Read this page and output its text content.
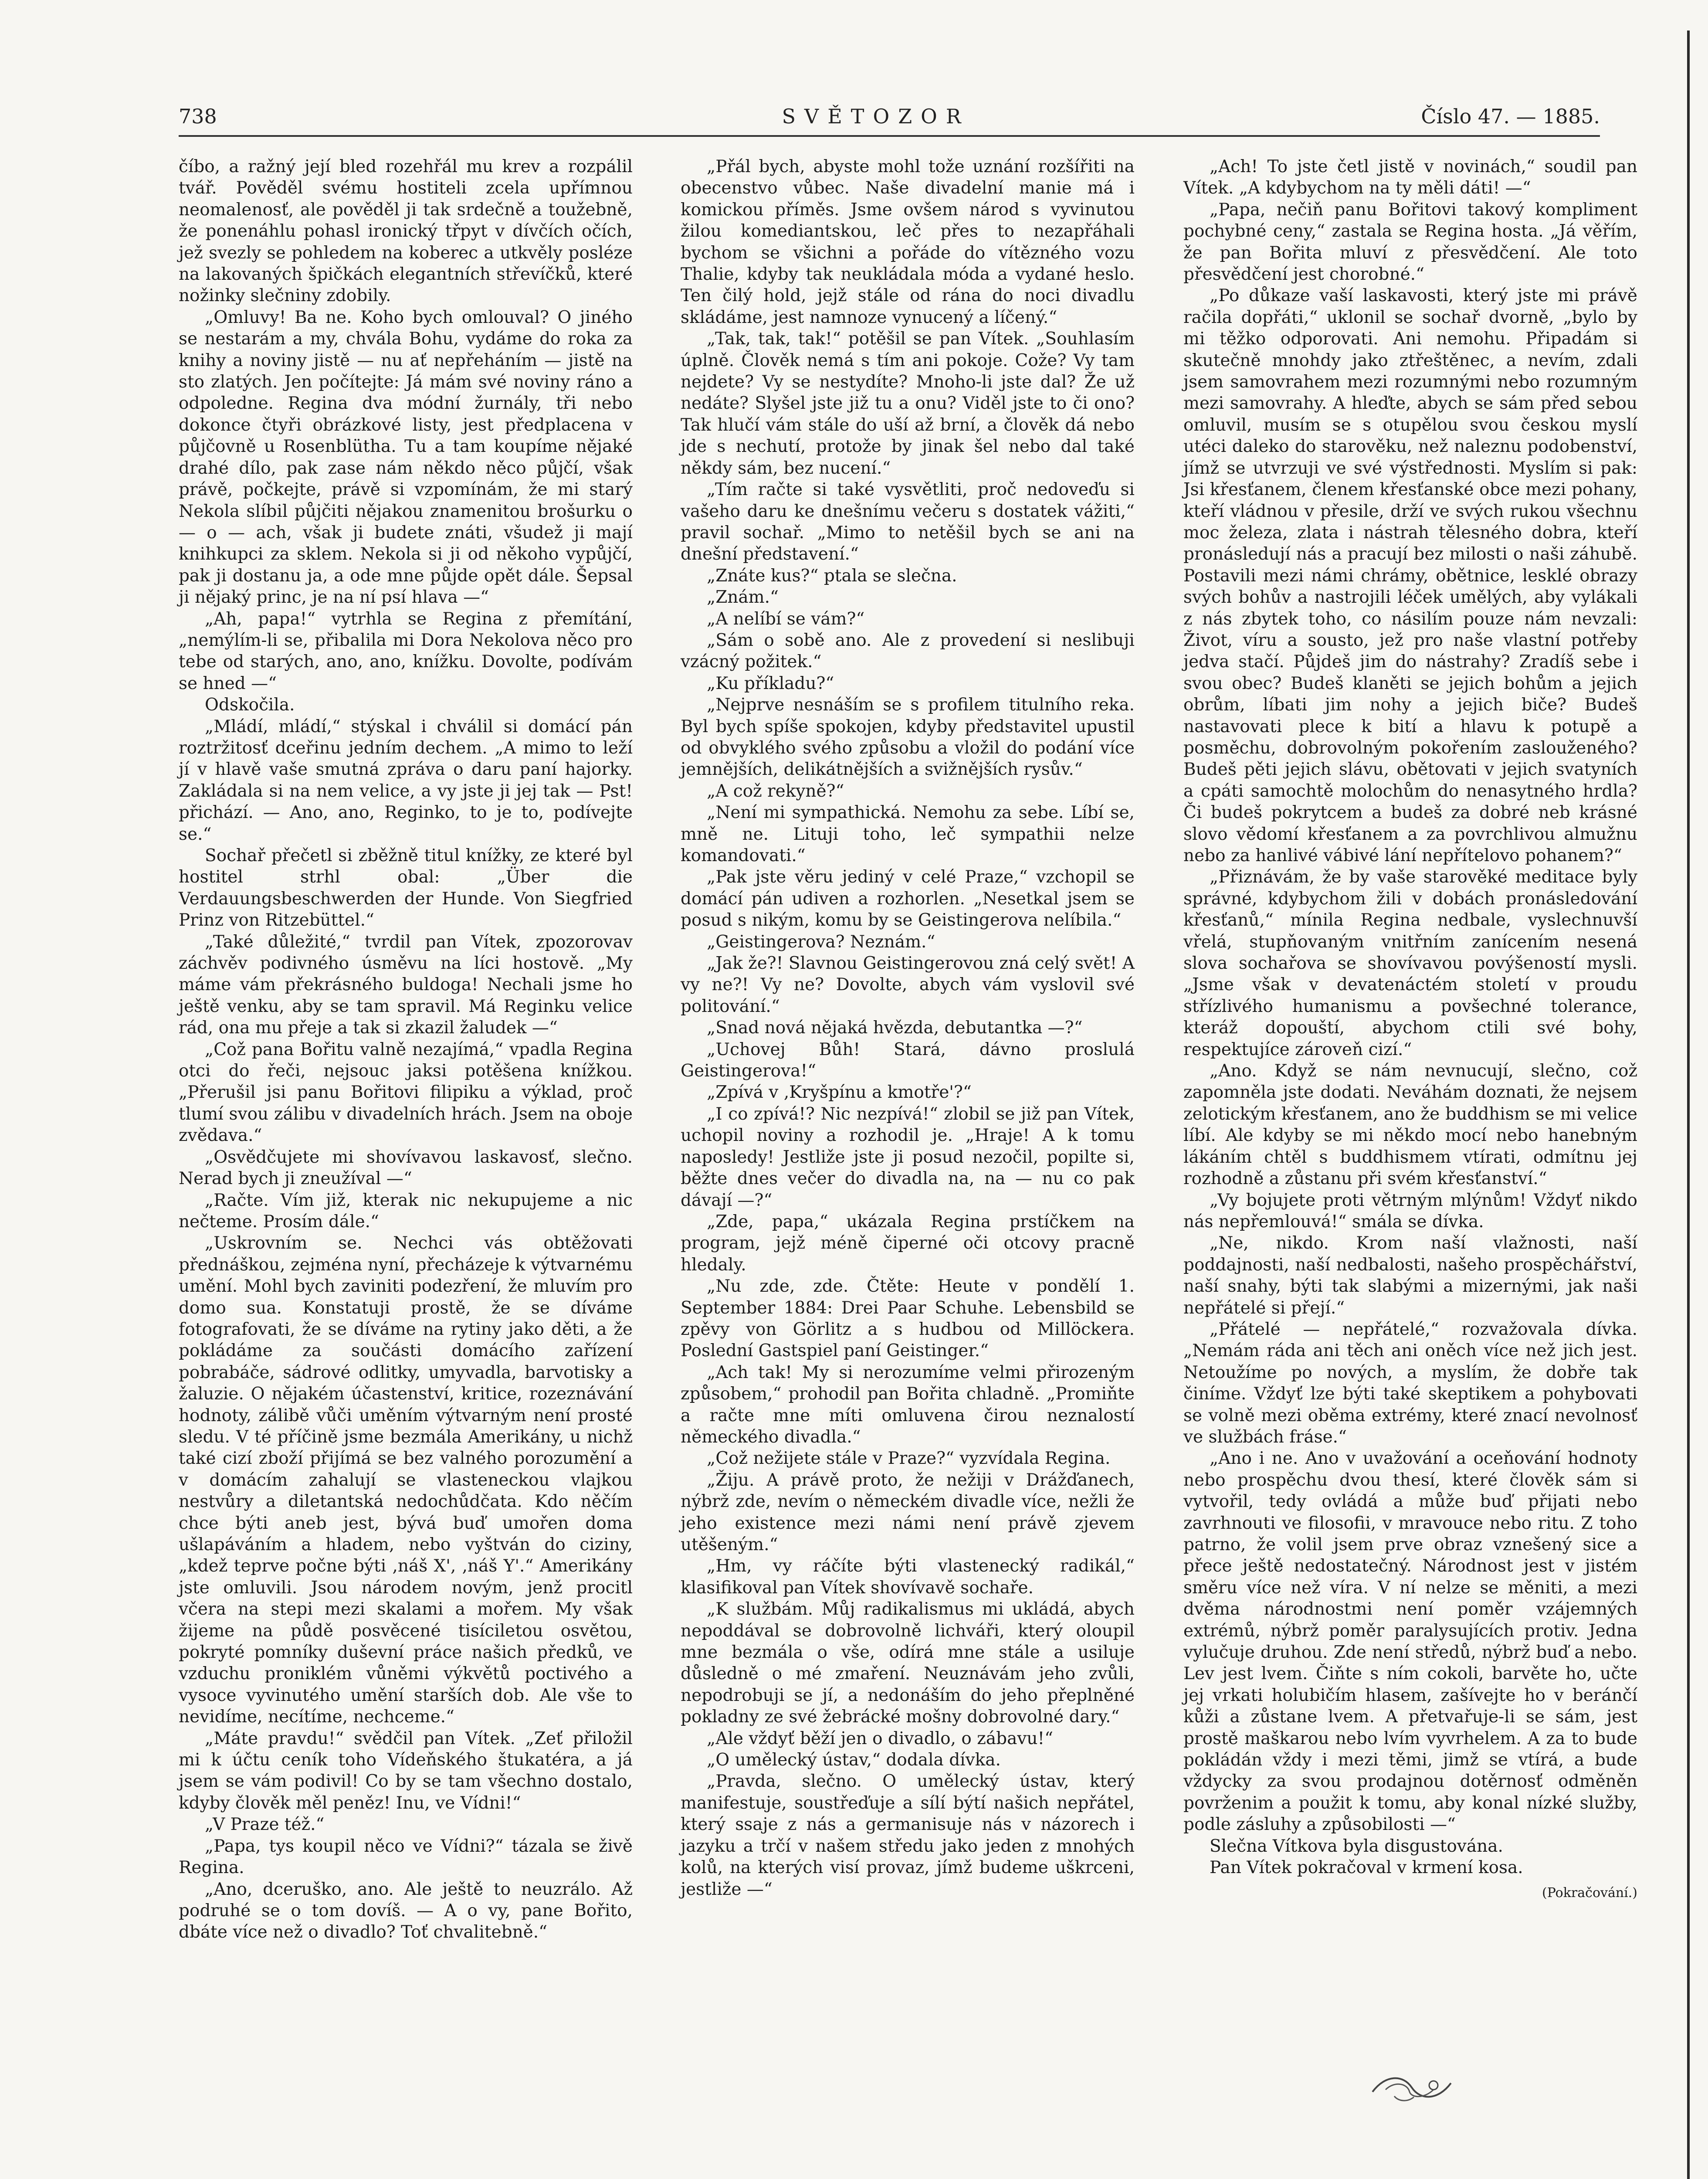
738	SVĚTOZOR	Číslo 47. — 1885.

číbo, a ražný její bled rozehřál mu krev a rozpálil tvář. Pověděl svému hostiteli zcela upřímnou neomalenosť, ale pověděl ji tak srdečně a toužebně, že ponenáhlu pohasl ironický třpyt v dívčích očích, jež svezly se pohledem na koberec a utkvěly posléze na lakovaných špičkách elegantních střevíčků, které nožinky slečniny zdobily.

„Omluvy! Ba ne. Koho bych omlouval? O jiného se nestarám a my, chvála Bohu, vydáme do roka za knihy a noviny jistě — nu ať nepřeháním — jistě na sto zlatých. Jen počítejte: Já mám své noviny ráno a odpoledne. Regina dva módní žurnály, tři nebo dokonce čtyři obrázkové listy, jest předplacena v půjčovně u Rosenblütha. Tu a tam koupíme nějaké drahé dílo, pak zase nám někdo něco půjčí, však právě, počkejte, právě si vzpomínám, že mi starý Nekola slíbil půjčiti nějakou znamenitou brošurku o — o — ach, však ji budete znáti, všudež ji mají knihkupci za sklem. Nekola si ji od někoho vypůjčí, pak ji dostanu ja, a ode mne půjde opět dále. Šepsal ji nějaký princ, je na ní psí hlava —“

„Ah, papa!“ vytrhla se Regina z přemítání, „nemýlím-li se, přibalila mi Dora Nekolova něco pro tebe od starých, ano, ano, knížku. Dovolte, podívám se hned —“

Odskočila.

„Mládí, mládí,“ stýskal i chválil si domácí pán roztržitosť dceřinu jedním dechem. „A mimo to leží jí v hlavě vaše smutná zpráva o daru paní hajorky. Zakládala si na nem velice, a vy jste ji jej tak — Pst! přichází. — Ano, ano, Reginko, to je to, podívejte se.“

Sochař přečetl si zběžně titul knížky, ze které byl hostitel strhl obal: „Über die Verdauungsbeschwerden der Hunde. Von Siegfried Prinz von Ritzebüttel.“

„Také důležité,“ tvrdil pan Vítek, zpozorovav záchvěv podivného úsměvu na líci hostově. „My máme vám překrásného buldoga! Nechali jsme ho ještě venku, aby se tam spravil. Má Reginku velice rád, ona mu přeje a tak si zkazil žaludek —“

„Což pana Bořitu valně nezajímá,“ vpadla Regina otci do řeči, nejsouc jaksi potěšena knížkou. „Přerušil jsi panu Bořitovi filipiku a výklad, proč tlumí svou zálibu v divadelních hrách. Jsem na oboje zvědava.“

„Osvědčujete mi shovívavou laskavosť, slečno. Nerad bych ji zneužíval —“

„Račte. Vím již, kterak nic nekupujeme a nic nečteme. Prosím dále.“

„Uskrovním se. Nechci vás obtěžovati přednáškou, zejména nyní, přecházeje k výtvarnému umění. Mohl bych zaviniti podezření, že mluvím pro domo sua. Konstatuji prostě, že se díváme fotografovati, že se díváme na rytiny jako děti, a že pokládáme za součásti domácího zařízení pobrabáče, sádrové odlitky, umyvadla, barvotisky a žaluzie. O nějakém účastenství, kritice, rozeznávání hodnoty, zálibě vůči uměním výtvarným není prosté sledu. V té příčině jsme bezmála Amerikány, u nichž také cizí zboží přijímá se bez valného porozumění a v domácím zahalují se vlasteneckou vlajkou nestvůry a diletantská nedochůdčata. Kdo něčím chce býti aneb jest, bývá buď umořen doma ušlapáváním a hladem, nebo vyštván do ciziny, „kdež teprve počne býti ,náš X', ,náš Y'.“ Amerikány jste omluvili. Jsou národem novým, jenž procitl včera na stepi mezi skalami a mořem. My však žijeme na půdě posvěcené tisíciletou osvětou, pokryté pomníky duševní práce našich předků, ve vzduchu proniklém vůněmi výkvětů poctivého a vysoce vyvinutého umění starších dob. Ale vše to nevidíme, necítíme, nechceme.“

„Máte pravdu!“ svědčil pan Vítek. „Zeť přiložil mi k účtu ceník toho Vídeňského štukatéra, a já jsem se vám podivil! Co by se tam všechno dostalo, kdyby člověk měl peněz! Inu, ve Vídni!“

„V Praze též.“

„Papa, tys koupil něco ve Vídni?“ tázala se živě Regina.

„Ano, dceruško, ano. Ale ještě to neuzrálo. Až podruhé se o tom dovíš. — A o vy, pane Bořito, dbáte více než o divadlo? Toť chvalitebně.“

„Přál bych, abyste mohl tože uznání rozšířiti na obecenstvo vůbec. Naše divadelní manie má i komickou příměs. Jsme ovšem národ s vyvinutou žilou komediantskou, leč přes to nezapřáhali bychom se všichni a pořáde do vítězného vozu Thalie, kdyby tak neukládala móda a vydané heslo. Ten čilý hold, jejž stále od rána do noci divadlu skládáme, jest namnoze vynucený a líčený.“

„Tak, tak, tak!“ potěšil se pan Vítek. „Souhlasím úplně. Člověk nemá s tím ani pokoje. Cože? Vy tam nejdete? Vy se nestydíte? Mnoho-li jste dal? Že už nedáte? Slyšel jste již tu a onu? Viděl jste to či ono? Tak hlučí vám stále do uší až brní, a člověk dá nebo jde s nechutí, protože by jinak šel nebo dal také někdy sám, bez nucení.“

„Tím račte si také vysvětliti, proč nedoveďu si vašeho daru ke dnešnímu večeru s dostatek vážiti,“ pravil sochař. „Mimo to netěšil bych se ani na dnešní představení.“

„Znáte kus?“ ptala se slečna.

„Znám.“

„A nelíbí se vám?“

„Sám o sobě ano. Ale z provedení si neslibuji vzácný požitek.“

„Ku příkladu?“

„Nejprve nesnáším se s profilem titulního reka. Byl bych spíše spokojen, kdyby představitel upustil od obvyklého svého způsobu a vložil do podání více jemnějších, delikátnějších a svižnějších rysův.“

„A což rekyně?“

„Není mi sympathická. Nemohu za sebe. Líbí se, mně ne. Lituji toho, leč sympathii nelze komandovati.“

„Pak jste věru jediný v celé Praze,“ vzchopil se domácí pán udiven a rozhorlen. „Nesetkal jsem se posud s nikým, komu by se Geistingerova nelíbila.“

„Geistingerova? Neznám.“

„Jak že?! Slavnou Geistingerovou zná celý svět! A vy ne?! Vy ne? Dovolte, abych vám vyslovil své politování.“

„Snad nová nějaká hvězda, debutantka —?“

„Uchovej Bůh! Stará, dávno proslulá Geistingerova!“

„Zpívá v ,Kryšpínu a kmotře'?“

„I co zpívá!? Nic nezpívá!“ zlobil se již pan Vítek, uchopil noviny a rozhodil je. „Hraje! A k tomu naposledy! Jestliže jste ji posud nezočil, popilte si, běžte dnes večer do divadla na, na — nu co pak dávají —?“

„Zde, papa,“ ukázala Regina prstíčkem na program, jejž méně čiperné oči otcovy pracně hledaly.

„Nu zde, zde. Čtěte: Heute v pondělí 1. September 1884: Drei Paar Schuhe. Lebensbild se zpěvy von Görlitz a s hudbou od Millöckera. Poslední Gastspiel paní Geistinger.“

„Ach tak! My si nerozumíme velmi přirozeným způsobem,“ prohodil pan Bořita chladně. „Promiňte a račte mne míti omluvena čirou neznalostí německého divadla.“

„Což nežijete stále v Praze?“ vyzvídala Regina.

„Žiju. A právě proto, že nežiji v Drážďanech, nýbrž zde, nevím o německém divadle více, nežli že jeho existence mezi námi není právě zjevem utěšeným.“

„Hm, vy ráčíte býti vlastenecký radikál,“ klasifikoval pan Vítek shovívavě sochaře.

„K službám. Můj radikalismus mi ukládá, abych nepoddával se dobrovolně lichváři, který oloupil mne bezmála o vše, odírá mne stále a usiluje důsledně o mé zmaření. Neuznávám jeho zvůli, nepodrobuji se jí, a nedonáším do jeho přeplněné pokladny ze své žebrácké mošny dobrovolné dary.“

„Ale vždyť běží jen o divadlo, o zábavu!“

„O umělecký ústav,“ dodala dívka.

„Pravda, slečno. O umělecký ústav, který manifestuje, soustřeďuje a sílí býtí našich nepřátel, který ssaje z nás a germanisuje nás v názorech i jazyku a trčí v našem středu jako jeden z mnohých kolů, na kterých visí provaz, jímž budeme uškrceni, jestliže —“

„Ach! To jste četl jistě v novinách,“ soudil pan Vítek. „A kdybychom na ty měli dáti! —“

„Papa, nečiň panu Bořitovi takový kompliment pochybné ceny,“ zastala se Regina hosta. „Já věřím, že pan Bořita mluví z přesvědčení. Ale toto přesvědčení jest chorobné.“

„Po důkaze vaší laskavosti, který jste mi právě račila dopřáti,“ uklonil se sochař dvorně, „bylo by mi těžko odporovati. Ani nemohu. Připadám si skutečně mnohdy jako ztřeštěnec, a nevím, zdali jsem samovrahem mezi rozumnými nebo rozumným mezi samovrahy. A hleďte, abych se sám před sebou omluvil, musím se s otupělou svou českou myslí utéci daleko do starověku, než naleznu podobenství, jímž se utvrzuji ve své výstřednosti. Myslím si pak: Jsi křesťanem, členem křesťanské obce mezi pohany, kteří vládnou v přesile, drží ve svých rukou všechnu moc železa, zlata i nástrah tělesného dobra, kteří pronásledují nás a pracují bez milosti o naši záhubě. Postavili mezi námi chrámy, obětnice, lesklé obrazy svých bohův a nastrojili léček umělých, aby vylákali z nás zbytek toho, co násilím pouze nám nevzali: Život, víru a sousto, jež pro naše vlastní potřeby jedva stačí. Půjdeš jim do nástrahy? Zradíš sebe i svou obec? Budeš klaněti se jejich bohům a jejich obrům, líbati jim nohy a jejich biče? Budeš nastavovati plece k bití a hlavu k potupě a posměchu, dobrovolným pokořením zaslouženého? Budeš pěti jejich slávu, obětovati v jejich svatyních a cpáti samochtě molochům do nenasytného hrdla? Či budeš pokrytcem a budeš za dobré neb krásné slovo vědomí křesťanem a za povrchlivou almužnu nebo za hanlivé vábivé lání nepřítelovo pohanem?“

„Přiznávám, že by vaše starověké meditace byly správné, kdybychom žili v dobách pronásledování křesťanů,“ mínila Regina nedbale, vyslechnuvší vřelá, stupňovaným vnitřním zanícením nesená slova sochařova se shovívavou povýšeností mysli. „Jsme však v devatenáctém století v proudu střízlivého humanismu a povšechné tolerance, kteráž dopouští, abychom ctili své bohy, respektujíce zároveň cizí.“

„Ano. Když se nám nevnucují, slečno, což zapomněla jste dodati. Neváhám doznati, že nejsem zelotickým křesťanem, ano že buddhism se mi velice líbí. Ale kdyby se mi někdo mocí nebo hanebným lákáním chtěl s buddhismem vtírati, odmítnu jej rozhodně a zůstanu při svém křesťanství.“

„Vy bojujete proti větrným mlýnům! Vždyť nikdo nás nepřemlouvá!“ smála se dívka.

„Ne, nikdo. Krom naší vlažnosti, naší poddajnosti, naší nedbalosti, našeho prospěchářství, naší snahy, býti tak slabými a mizernými, jak naši nepřátelé si přejí.“

„Přátelé — nepřátelé,“ rozvažovala dívka. „Nemám ráda ani těch ani oněch více než jich jest. Netoužíme po nových, a myslím, že dobře tak činíme. Vždyť lze býti také skeptikem a pohybovati se volně mezi oběma extrémy, které znací nevolnosť ve službách fráse.“

„Ano i ne. Ano v uvažování a oceňování hodnoty nebo prospěchu dvou thesí, které člověk sám si vytvořil, tedy ovládá a může buď přijati nebo zavrhnouti ve filosofii, v mravouce nebo ritu. Z toho patrno, že volil jsem prve obraz vznešený sice a přece ještě nedostatečný. Národnost jest v jistém směru více než víra. V ní nelze se měniti, a mezi dvěma národnostmi není poměr vzájemných extrémů, nýbrž poměr paralysujících protiv. Jedna vylučuje druhou. Zde není středů, nýbrž buď a nebo. Lev jest lvem. Čiňte s ním cokoli, barvěte ho, učte jej vrkati holubičím hlasem, zašívejte ho v beránčí kůži a zůstane lvem. A přetvařuje-li se sám, jest prostě maškarou nebo lvím vyvrhelem. A za to bude pokládán vždy i mezi těmi, jimž se vtírá, a bude vždycky za svou prodajnou dotěrnosť odměněn povrženim a použit k tomu, aby konal nízké služby, podle zásluhy a způsobilosti —“

Slečna Vítkova byla disgustována.

Pan Vítek pokračoval v krmení kosa.

(Pokračování.)
